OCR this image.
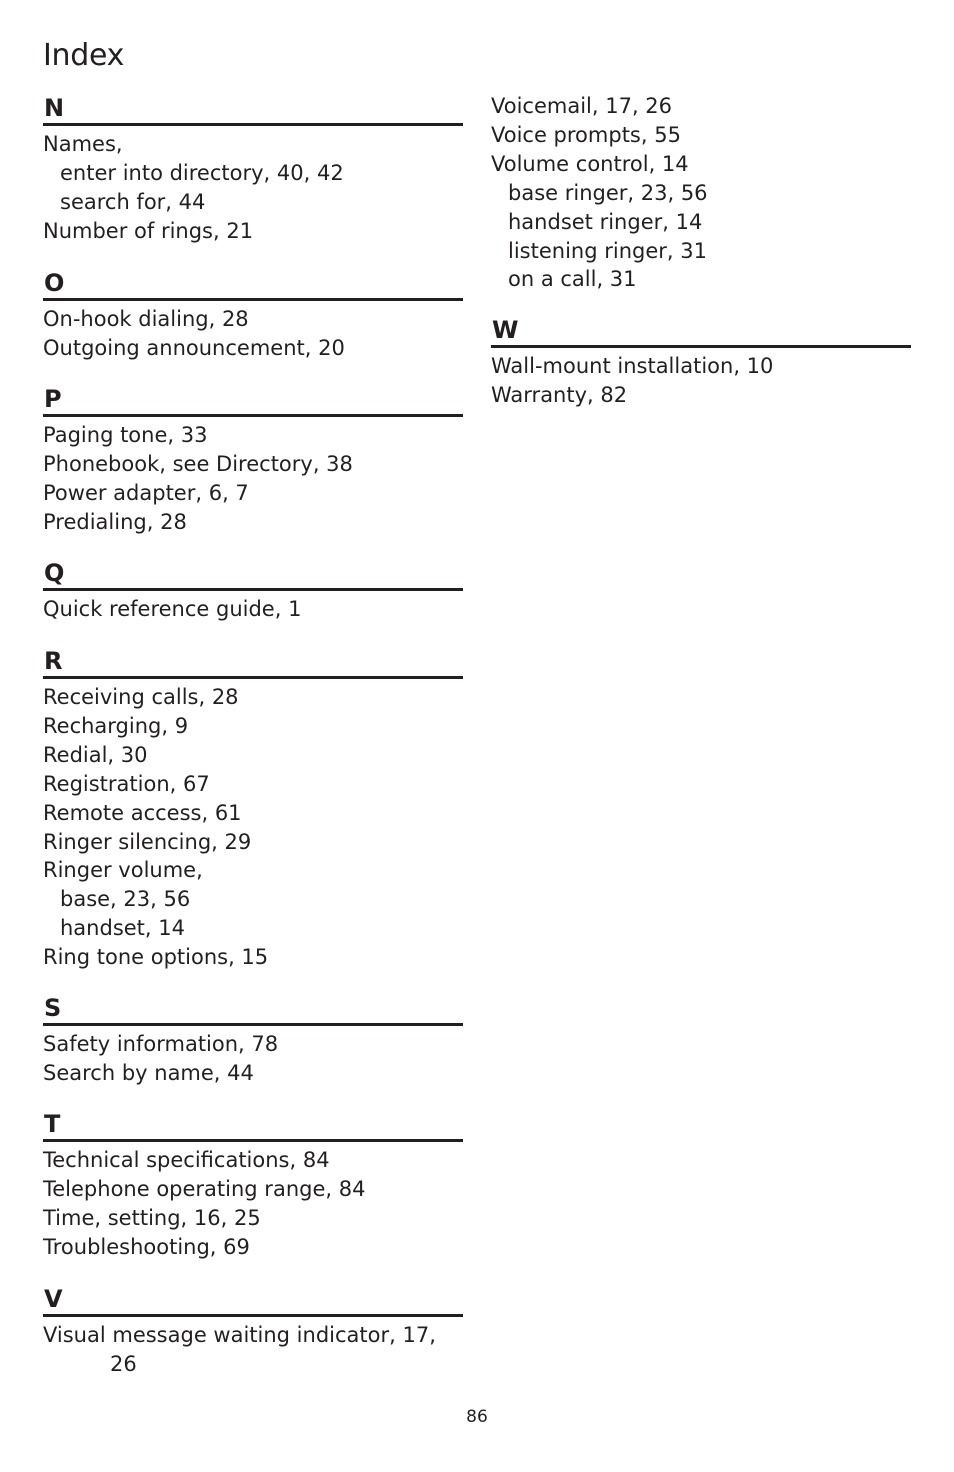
Index
N
Names,
enter into directory, 40, 42
search for, 44
Number of rings, 21
O
On-hook dialing, 28
Outgoing announcement, 20
P
Paging tone, 33
Phonebook, see Directory, 38
Power adapter, 6, 7
Predialing, 28
Q
Quick reference guide, 1
R
Receiving calls, 28
Recharging, 9
Redial, 30
Registration, 67
Remote access, 61
Ringer silencing, 29
Ringer volume,
base, 23, 56
handset, 14
Ring tone options, 15
S
Safety information, 78
Search by name, 44
T
Technical specifications, 84
Telephone operating range, 84
Time, setting, 16, 25
Troubleshooting, 69
V
Visual message waiting indicator, 17,
26
Voicemail, 17, 26
Voice prompts, 55
Volume control, 14
base ringer, 23, 56
handset ringer, 14
listening ringer, 31
on a call, 31
W
Wall-mount installation, 10
Warranty, 82
86
